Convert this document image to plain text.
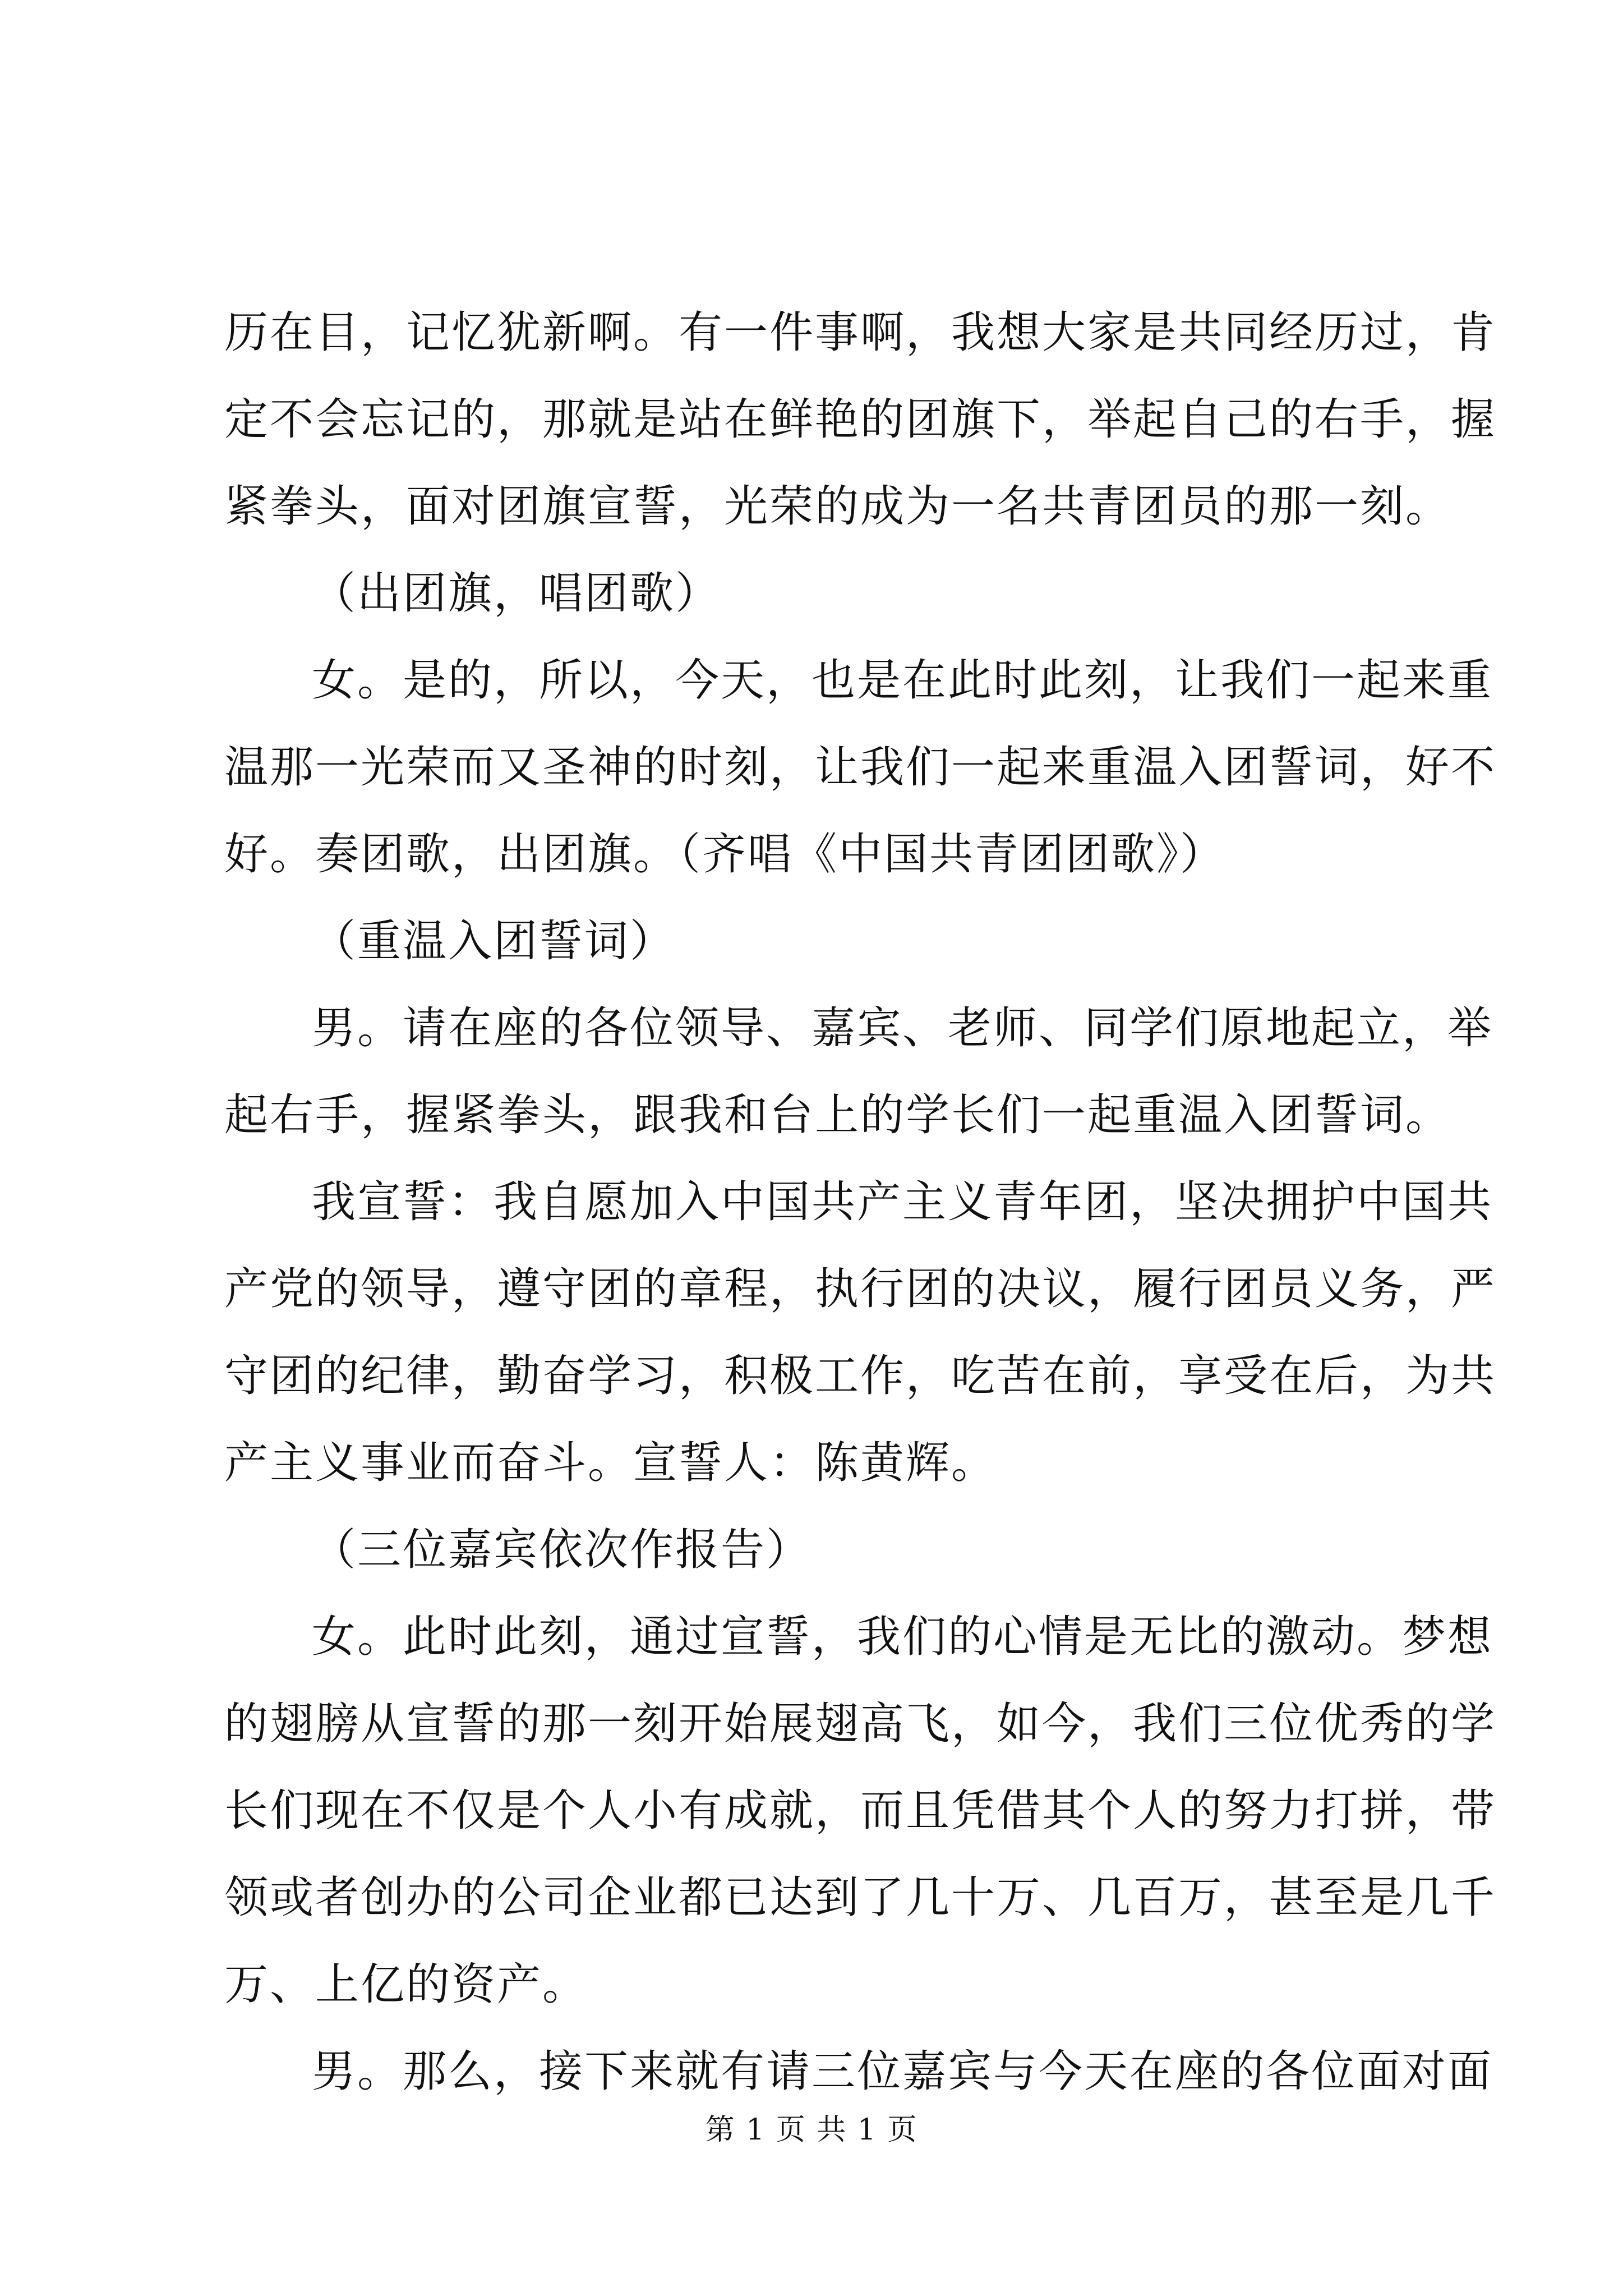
历在目，记忆犹新啊。有一件事啊，我想大家是共同经历过，肯
定不会忘记的，那就是站在鲜艳的团旗下，举起自己的右手，握
紧拳头，面对团旗宣誓，光荣的成为一名共青团员的那一刻。
（出团旗，唱团歌）
女。是的，所以，今天，也是在此时此刻，让我们一起来重
温那一光荣而又圣神的时刻，让我们一起来重温入团誓词，好不
好。奏团歌，出团旗。（齐唱《中国共青团团歌》）
（重温入团誓词）
男。请在座的各位领导、嘉宾、老师、同学们原地起立，举
起右手，握紧拳头，跟我和台上的学长们一起重温入团誓词。
我宣誓：我自愿加入中国共产主义青年团，坚决拥护中国共
产党的领导，遵守团的章程，执行团的决议，履行团员义务，严
守团的纪律，勤奋学习，积极工作，吃苦在前，享受在后，为共
产主义事业而奋斗。宣誓人：陈黄辉。
（三位嘉宾依次作报告）
女。此时此刻，通过宣誓，我们的心情是无比的激动。梦想
的翅膀从宣誓的那一刻开始展翅高飞，如今，我们三位优秀的学
长们现在不仅是个人小有成就，而且凭借其个人的努力打拼，带
领或者创办的公司企业都已达到了几十万、几百万，甚至是几千
万、上亿的资产。
男。那么，接下来就有请三位嘉宾与今天在座的各位面对面
第 1 页 共 1 页
